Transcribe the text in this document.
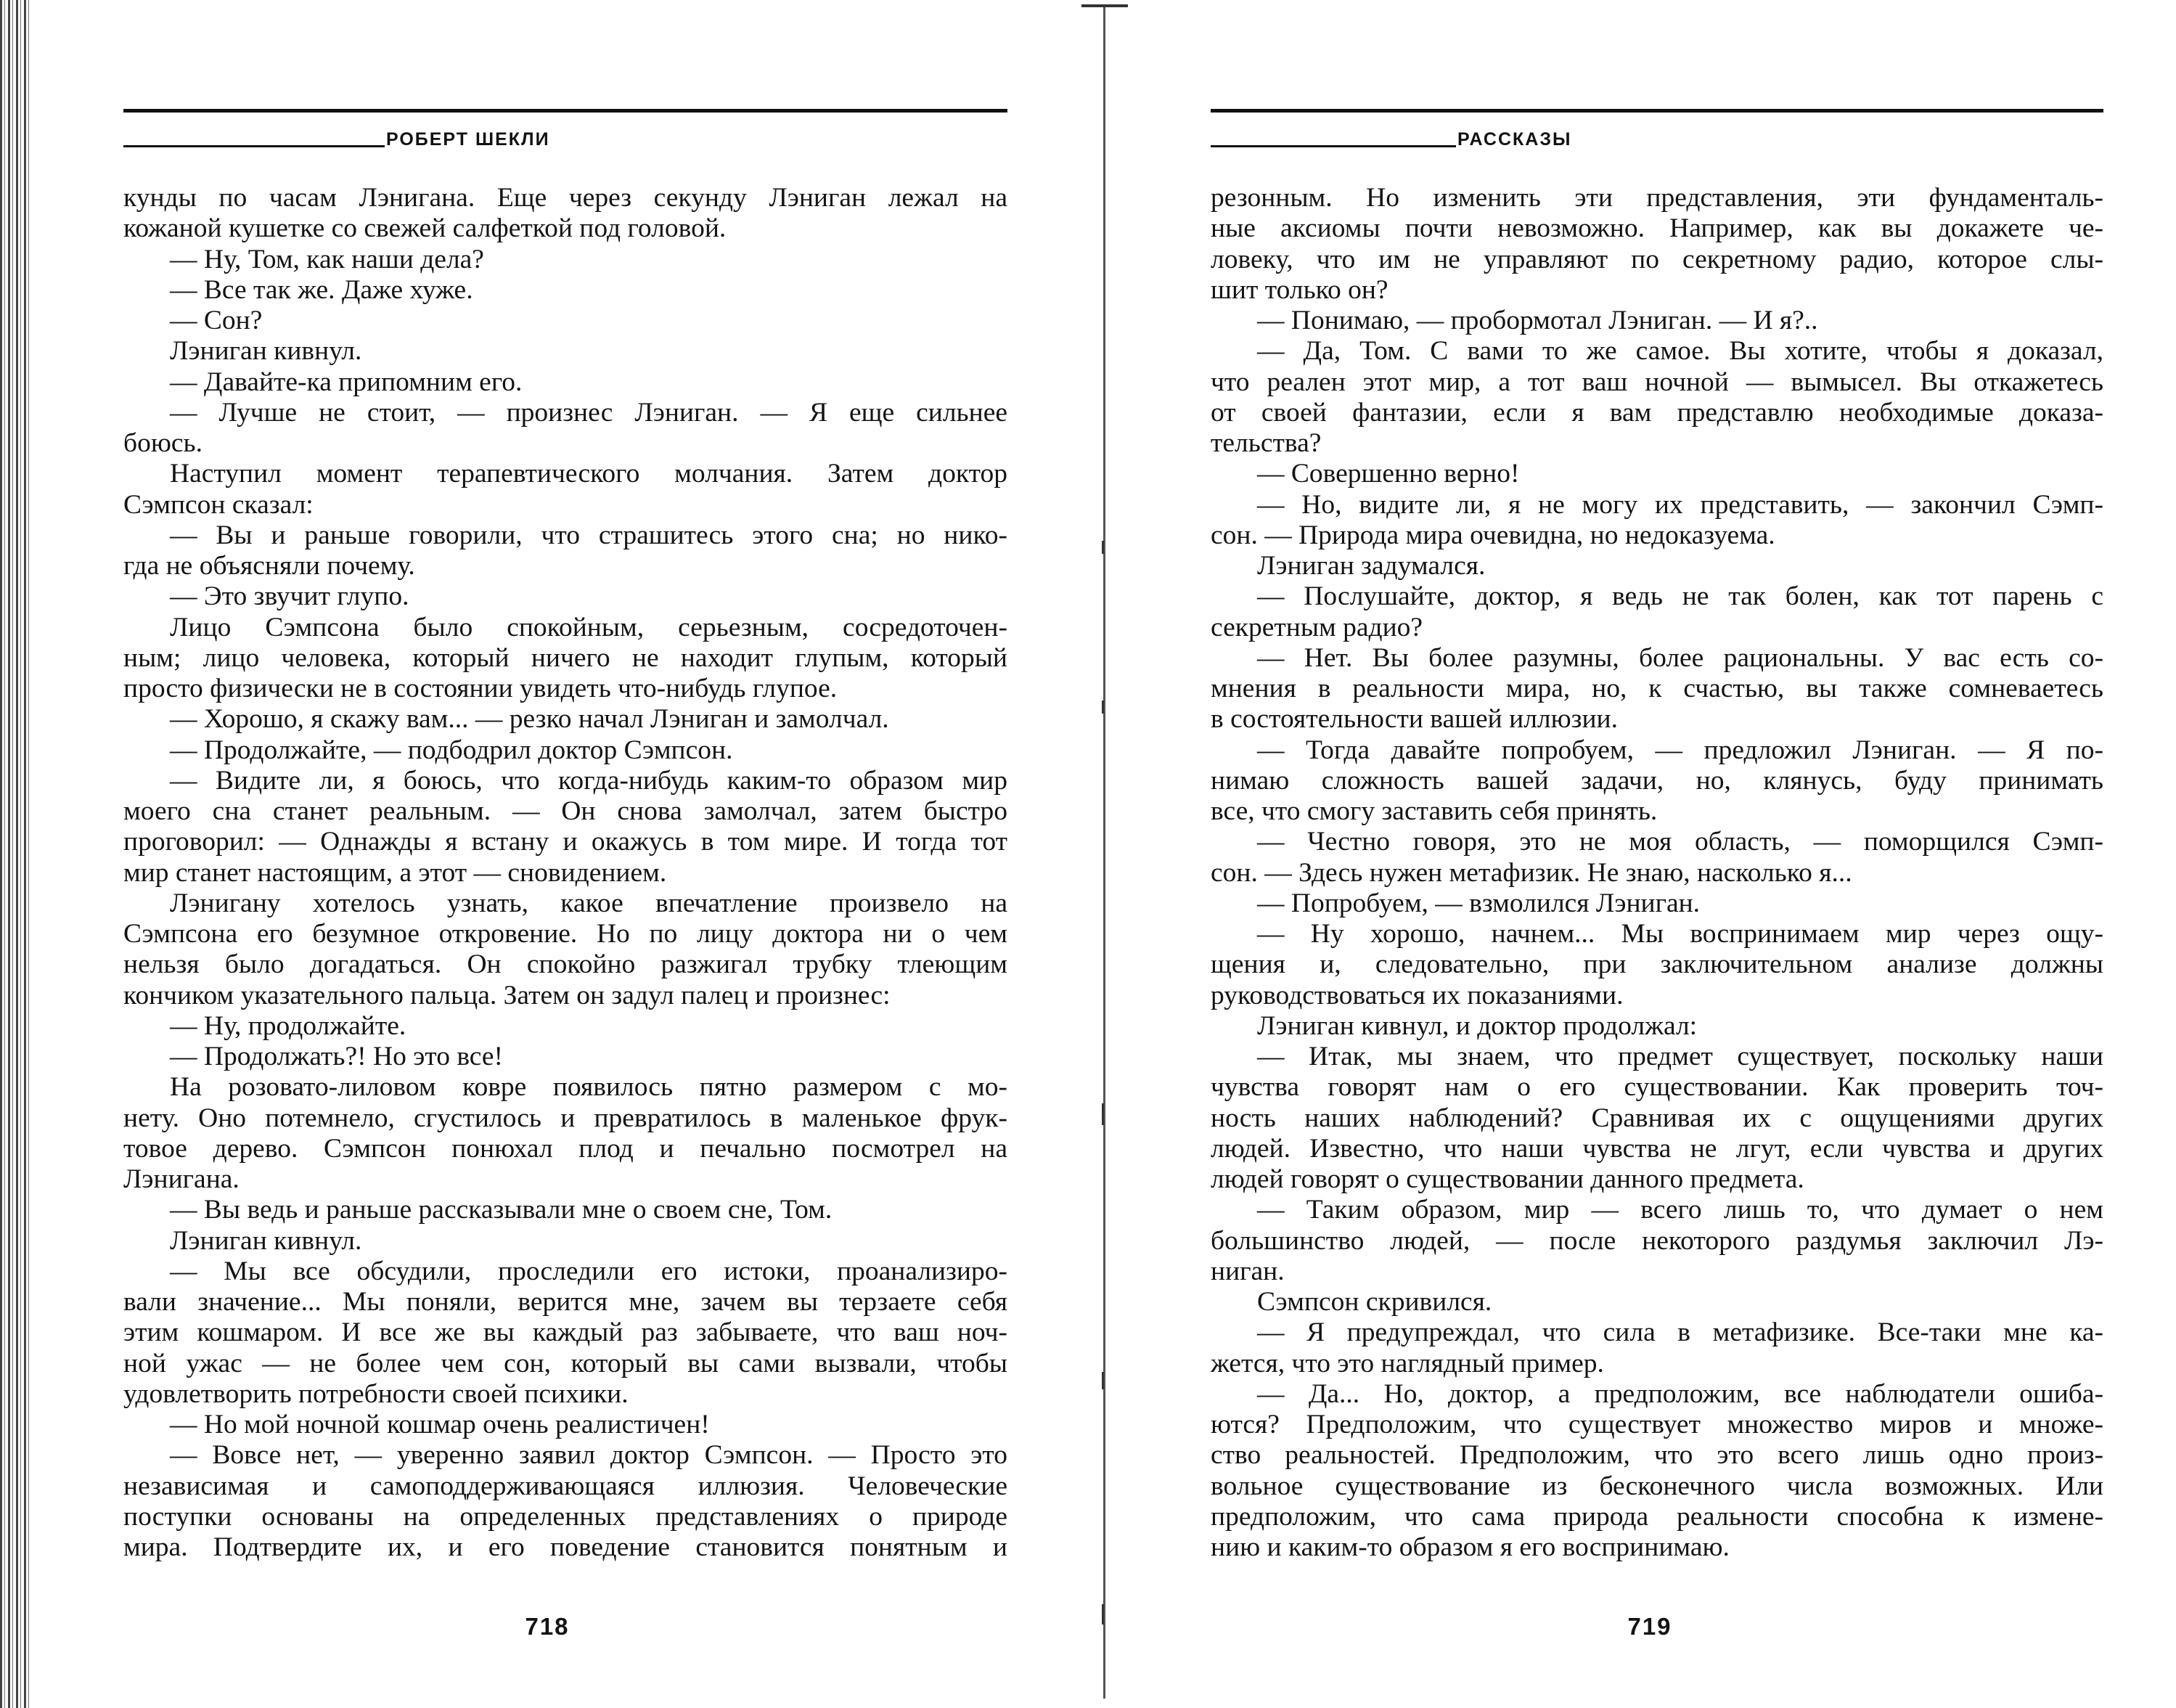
РОБЕРТ ШЕКЛИ
кунды по часам Лэнигана. Еще через секунду Лэниган лежал на
кожаной кушетке со свежей салфеткой под головой.
— Ну, Том, как наши дела?
— Все так же. Даже хуже.
— Сон?
Лэниган кивнул.
— Давайте-ка припомним его.
— Лучше не стоит, — произнес Лэниган. — Я еще сильнее
боюсь.
Наступил момент терапевтического молчания. Затем доктор
Сэмпсон сказал:
— Вы и раньше говорили, что страшитесь этого сна; но нико-
гда не объясняли почему.
— Это звучит глупо.
Лицо Сэмпсона было спокойным, серьезным, сосредоточен-
ным; лицо человека, который ничего не находит глупым, который
просто физически не в состоянии увидеть что-нибудь глупое.
— Хорошо, я скажу вам... — резко начал Лэниган и замолчал.
— Продолжайте, — подбодрил доктор Сэмпсон.
— Видите ли, я боюсь, что когда-нибудь каким-то образом мир
моего сна станет реальным. — Он снова замолчал, затем быстро
проговорил: — Однажды я встану и окажусь в том мире. И тогда тот
мир станет настоящим, а этот — сновидением.
Лэнигану хотелось узнать, какое впечатление произвело на
Сэмпсона его безумное откровение. Но по лицу доктора ни о чем
нельзя было догадаться. Он спокойно разжигал трубку тлеющим
кончиком указательного пальца. Затем он задул палец и произнес:
— Ну, продолжайте.
— Продолжать?! Но это все!
На розовато-лиловом ковре появилось пятно размером с мо-
нету. Оно потемнело, сгустилось и превратилось в маленькое фрук-
товое дерево. Сэмпсон понюхал плод и печально посмотрел на
Лэнигана.
— Вы ведь и раньше рассказывали мне о своем сне, Том.
Лэниган кивнул.
— Мы все обсудили, проследили его истоки, проанализиро-
вали значение... Мы поняли, верится мне, зачем вы терзаете себя
этим кошмаром. И все же вы каждый раз забываете, что ваш ноч-
ной ужас — не более чем сон, который вы сами вызвали, чтобы
удовлетворить потребности своей психики.
— Но мой ночной кошмар очень реалистичен!
— Вовсе нет, — уверенно заявил доктор Сэмпсон. — Просто это
независимая и самоподдерживающаяся иллюзия. Человеческие
поступки основаны на определенных представлениях о природе
мира. Подтвердите их, и его поведение становится понятным и
718
РАССКАЗЫ
резонным. Но изменить эти представления, эти фундаменталь-
ные аксиомы почти невозможно. Например, как вы докажете че-
ловеку, что им не управляют по секретному радио, которое слы-
шит только он?
— Понимаю, — пробормотал Лэниган. — И я?..
— Да, Том. С вами то же самое. Вы хотите, чтобы я доказал,
что реален этот мир, а тот ваш ночной — вымысел. Вы откажетесь
от своей фантазии, если я вам представлю необходимые доказа-
тельства?
— Совершенно верно!
— Но, видите ли, я не могу их представить, — закончил Сэмп-
сон. — Природа мира очевидна, но недоказуема.
Лэниган задумался.
— Послушайте, доктор, я ведь не так болен, как тот парень с
секретным радио?
— Нет. Вы более разумны, более рациональны. У вас есть со-
мнения в реальности мира, но, к счастью, вы также сомневаетесь
в состоятельности вашей иллюзии.
— Тогда давайте попробуем, — предложил Лэниган. — Я по-
нимаю сложность вашей задачи, но, клянусь, буду принимать
все, что смогу заставить себя принять.
— Честно говоря, это не моя область, — поморщился Сэмп-
сон. — Здесь нужен метафизик. Не знаю, насколько я...
— Попробуем, — взмолился Лэниган.
— Ну хорошо, начнем... Мы воспринимаем мир через ощу-
щения и, следовательно, при заключительном анализе должны
руководствоваться их показаниями.
Лэниган кивнул, и доктор продолжал:
— Итак, мы знаем, что предмет существует, поскольку наши
чувства говорят нам о его существовании. Как проверить точ-
ность наших наблюдений? Сравнивая их с ощущениями других
людей. Известно, что наши чувства не лгут, если чувства и других
людей говорят о существовании данного предмета.
— Таким образом, мир — всего лишь то, что думает о нем
большинство людей, — после некоторого раздумья заключил Лэ-
ниган.
Сэмпсон скривился.
— Я предупреждал, что сила в метафизике. Все-таки мне ка-
жется, что это наглядный пример.
— Да... Но, доктор, а предположим, все наблюдатели ошиба-
ются? Предположим, что существует множество миров и множе-
ство реальностей. Предположим, что это всего лишь одно произ-
вольное существование из бесконечного числа возможных. Или
предположим, что сама природа реальности способна к измене-
нию и каким-то образом я его воспринимаю.
719
